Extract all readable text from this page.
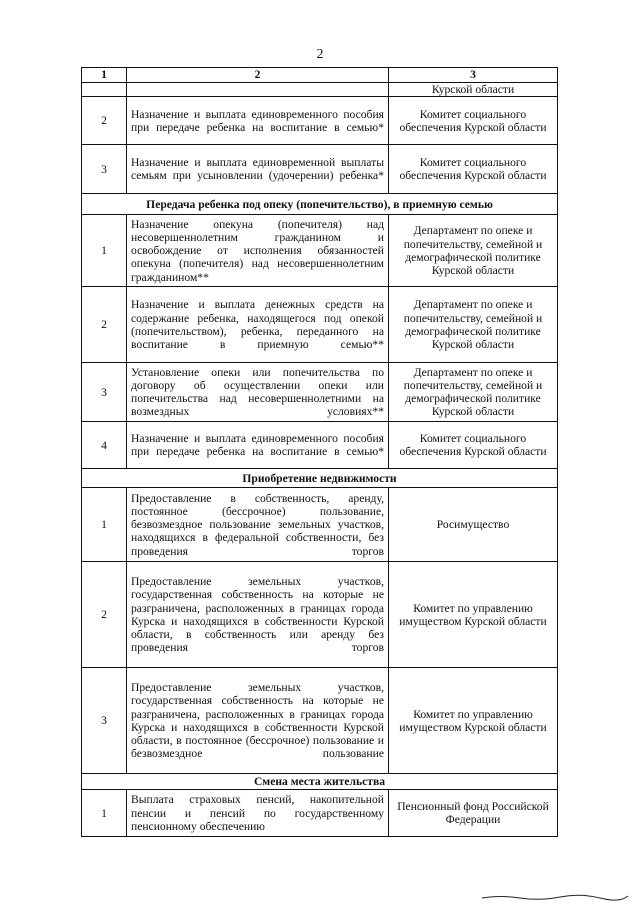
2
1	2	3
		Курской области
2	Назначение и выплата единовременного пособия при передаче ребенка на воспитание в семью*	Комитет социального обеспечения Курской области
3	Назначение и выплата единовременной выплаты семьям при усыновлении (удочерении) ребенка*	Комитет социального обеспечения Курской области
Передача ребенка под опеку (попечительство), в приемную семью		
1	Назначение опекуна (попечителя) над несовершеннолетним гражданином и освобождение от исполнения обязанностей опекуна (попечителя) над несовершеннолетним гражданином**	Департамент по опеке и попечительству, семейной и демографической политике Курской области
2	Назначение и выплата денежных средств на содержание ребенка, находящегося под опекой (попечительством), ребенка, переданного на воспитание в приемную семью**	Департамент по опеке и попечительству, семейной и демографической политике Курской области
3	Установление опеки или попечительства по договору об осуществлении опеки или попечительства над несовершеннолетними на возмездных условиях**	Департамент по опеке и попечительству, семейной и демографической политике Курской области
4	Назначение и выплата единовременного пособия при передаче ребенка на воспитание в семью*	Комитет социального обеспечения Курской области
Приобретение недвижимости		
1	Предоставление в собственность, аренду, постоянное (бессрочное) пользование, безвозмездное пользование земельных участков, находящихся в федеральной собственности, без проведения торгов	Росимущество
2	Предоставление земельных участков, государственная собственность на которые не разграничена, расположенных в границах города Курска и находящихся в собственности Курской области, в собственность или аренду без проведения торгов	Комитет по управлению имуществом Курской области
3	Предоставление земельных участков, государственная собственность на которые не разграничена, расположенных в границах города Курска и находящихся в собственности Курской области, в постоянное (бессрочное) пользование и безвозмездное пользование	Комитет по управлению имуществом Курской области
Смена места жительства		
1	Выплата страховых пенсий, накопительной пенсии и пенсий по государственному пенсионному обеспечению	Пенсионный фонд Российской Федерации
